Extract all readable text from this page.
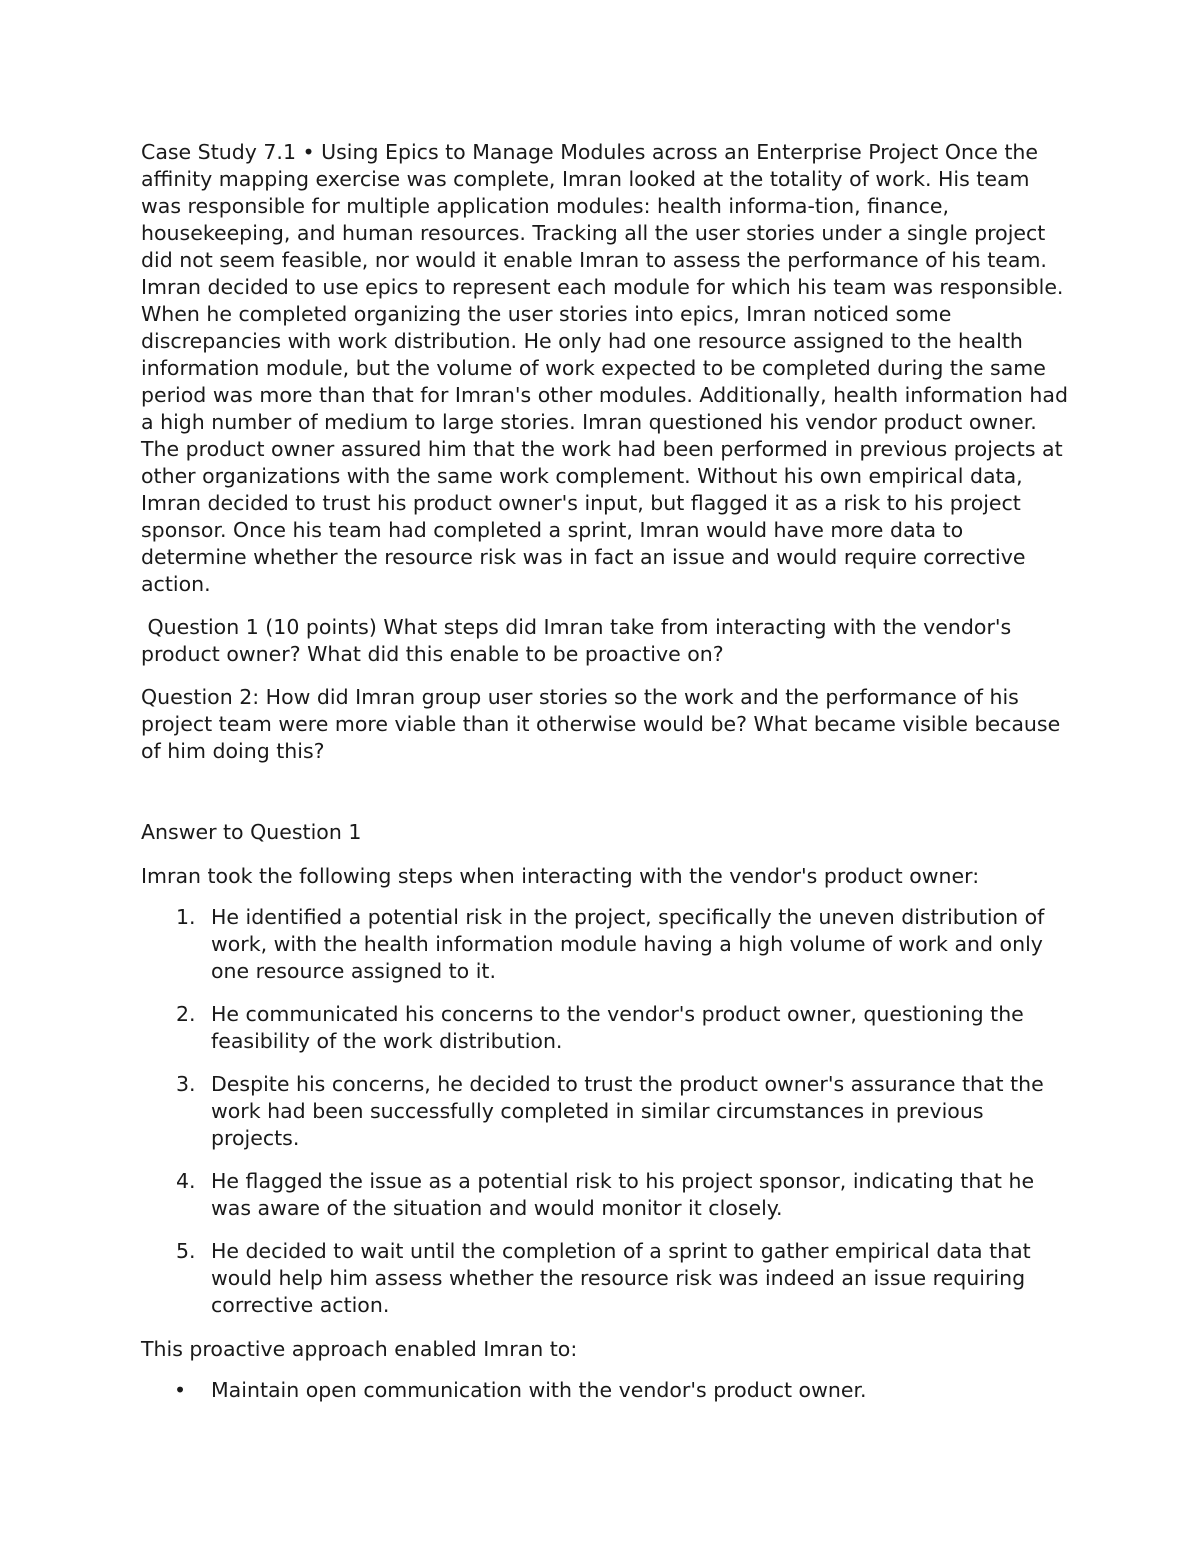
Case Study 7.1 • Using Epics to Manage Modules across an Enterprise Project Once the affinity mapping exercise was complete, Imran looked at the totality of work. His team was responsible for multiple application modules: health informa-tion, finance, housekeeping, and human resources. Tracking all the user stories under a single project did not seem feasible, nor would it enable Imran to assess the performance of his team. Imran decided to use epics to represent each module for which his team was responsible. When he completed organizing the user stories into epics, Imran noticed some discrepancies with work distribution. He only had one resource assigned to the health information module, but the volume of work expected to be completed during the same period was more than that for Imran's other modules. Additionally, health information had a high number of medium to large stories. Imran questioned his vendor product owner. The product owner assured him that the work had been performed in previous projects at other organizations with the same work complement. Without his own empirical data, Imran decided to trust his product owner's input, but flagged it as a risk to his project sponsor. Once his team had completed a sprint, Imran would have more data to determine whether the resource risk was in fact an issue and would require corrective action.

Question 1 (10 points) What steps did Imran take from interacting with the vendor's product owner? What did this enable to be proactive on?

Question 2: How did Imran group user stories so the work and the performance of his project team were more viable than it otherwise would be? What became visible because of him doing this?

Answer to Question 1

Imran took the following steps when interacting with the vendor's product owner:

1. He identified a potential risk in the project, specifically the uneven distribution of work, with the health information module having a high volume of work and only one resource assigned to it.
2. He communicated his concerns to the vendor's product owner, questioning the feasibility of the work distribution.
3. Despite his concerns, he decided to trust the product owner's assurance that the work had been successfully completed in similar circumstances in previous projects.
4. He flagged the issue as a potential risk to his project sponsor, indicating that he was aware of the situation and would monitor it closely.
5. He decided to wait until the completion of a sprint to gather empirical data that would help him assess whether the resource risk was indeed an issue requiring corrective action.

This proactive approach enabled Imran to:

• Maintain open communication with the vendor's product owner.
